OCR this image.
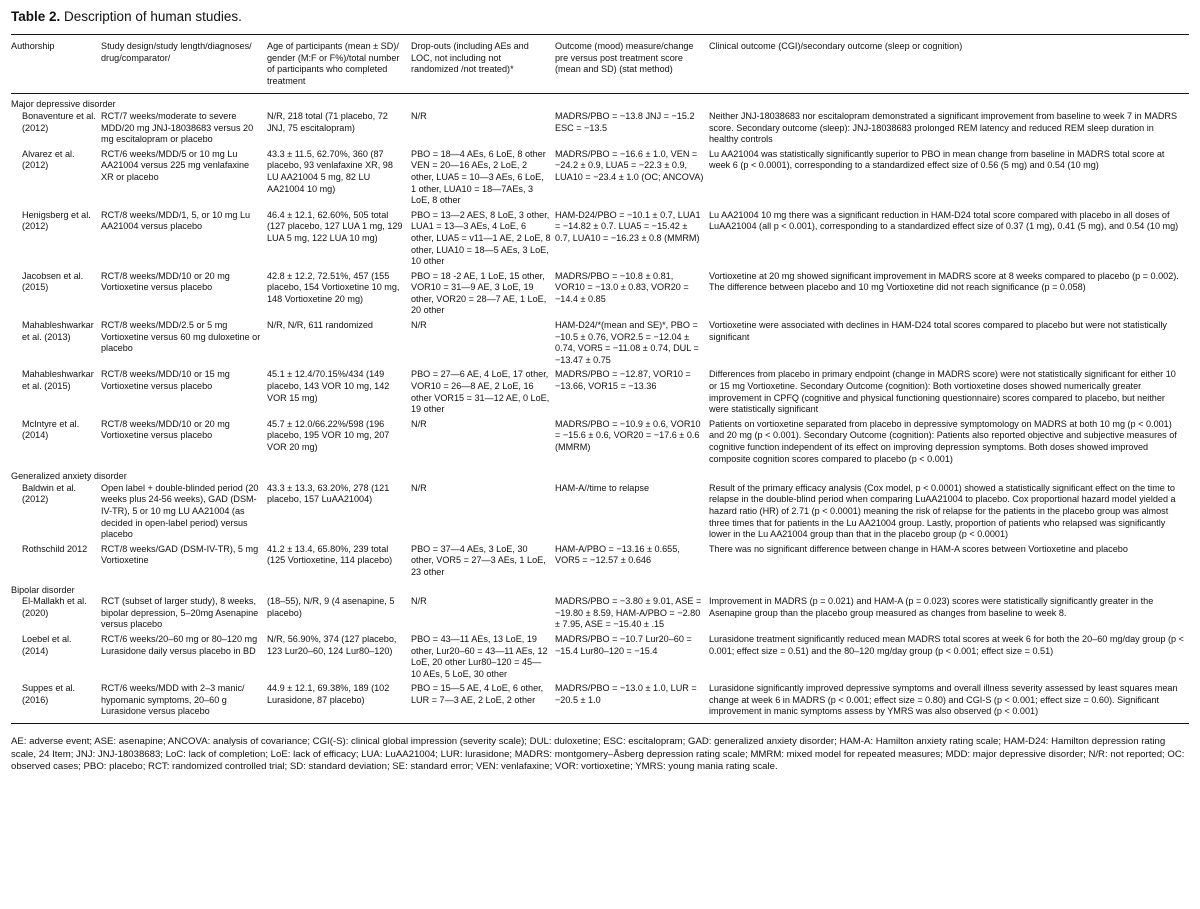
Table 2. Description of human studies.
Authorship	Study design/study length/diagnoses/ drug/comparator/	Age of participants (mean ± SD)/ gender (M:F or F%)/total number of participants who completed treatment	Drop-outs (including AEs and LOC, not including not randomized /not treated)*	Outcome (mood) measure/change pre versus post treatment score (mean and SD) (stat method)	Clinical outcome (CGI)/secondary outcome (sleep or cognition)

Major depressive disorder					
Bonaventure et al. (2012)	RCT/7 weeks/moderate to severe MDD/20 mg JNJ-18038683 versus 20 mg escitalopram or placebo	N/R, 218 total (71 placebo, 72 JNJ, 75 escitalopram)	N/R	MADRS/PBO = −13.8 JNJ = −15.2 ESC = −13.5	Neither JNJ-18038683 nor escitalopram demonstrated a significant improvement from baseline to week 7 in MADRS score. Secondary outcome (sleep): JNJ-18038683 prolonged REM latency and reduced REM sleep duration in healthy controls
Alvarez et al. (2012)	RCT/6 weeks/MDD/5 or 10 mg Lu AA21004 versus 225 mg venlafaxine XR or placebo	43.3 ± 11.5, 62.70%, 360 (87 placebo, 93 venlafaxine XR, 98 LU AA21004 5 mg, 82 LU AA21004 10 mg)	PBO = 18—4 AEs, 6 LoE, 8 other VEN = 20—16 AEs, 2 LoE, 2 other, LUA5 = 10—3 AEs, 6 LoE, 1 other, LUA10 = 18—7AEs, 3 LoE, 8 other	MADRS/PBO = −16.6 ± 1.0, VEN = −24.2 ± 0.9, LUA5 = −22.3 ± 0.9, LUA10 = −23.4 ± 1.0 (OC; ANCOVA)	Lu AA21004 was statistically significantly superior to PBO in mean change from baseline in MADRS total score at week 6 (p < 0.0001), corresponding to a standardized effect size of 0.56 (5 mg) and 0.54 (10 mg)
Henigsberg et al. (2012)	RCT/8 weeks/MDD/1, 5, or 10 mg Lu AA21004 versus placebo	46.4 ± 12.1, 62.60%, 505 total (127 placebo, 127 LUA 1 mg, 129 LUA 5 mg, 122 LUA 10 mg)	PBO = 13—2 AES, 8 LoE, 3 other, LUA1 = 13—3 AEs, 4 LoE, 6 other, LUA5 = v11—1 AE, 2 LoE, 8 other, LUA10 = 18—5 AEs, 3 LoE, 10 other	HAM-D24/PBO = −10.1 ± 0.7, LUA1 = −14.82 ± 0.7. LUA5 = −15.42 ± 0.7, LUA10 = −16.23 ± 0.8 (MMRM)	Lu AA21004 10 mg there was a significant reduction in HAM-D24 total score compared with placebo in all doses of LuAA21004 (all p < 0.001), corresponding to a standardized effect size of 0.37 (1 mg), 0.41 (5 mg), and 0.54 (10 mg)
Jacobsen et al. (2015)	RCT/8 weeks/MDD/10 or 20 mg Vortioxetine versus placebo	42.8 ± 12.2, 72.51%, 457 (155 placebo, 154 Vortioxetine 10 mg, 148 Vortioxetine 20 mg)	PBO = 18 -2 AE, 1 LoE, 15 other, VOR10 = 31—9 AE, 3 LoE, 19 other, VOR20 = 28—7 AE, 1 LoE, 20 other	MADRS/PBO = −10.8 ± 0.81, VOR10 = −13.0 ± 0.83, VOR20 = −14.4 ± 0.85	Vortioxetine at 20 mg showed significant improvement in MADRS score at 8 weeks compared to placebo (p = 0.002). The difference between placebo and 10 mg Vortioxetine did not reach significance (p = 0.058)
Mahableshwarkar et al. (2013)	RCT/8 weeks/MDD/2.5 or 5 mg Vortioxetine versus 60 mg duloxetine or placebo	N/R, N/R, 611 randomized	N/R	HAM-D24/*(mean and SE)*, PBO = −10.5 ± 0.76, VOR2.5 = −12.04 ± 0.74, VOR5 = −11.08 ± 0.74, DUL = −13.47 ± 0.75	Vortioxetine were associated with declines in HAM-D24 total scores compared to placebo but were not statistically significant
Mahableshwarkar et al. (2015)	RCT/8 weeks/MDD/10 or 15 mg Vortioxetine versus placebo	45.1 ± 12.4/70.15%/434 (149 placebo, 143 VOR 10 mg, 142 VOR 15 mg)	PBO = 27—6 AE, 4 LoE, 17 other, VOR10 = 26—8 AE, 2 LoE, 16 other VOR15 = 31—12 AE, 0 LoE, 19 other	MADRS/PBO = −12.87, VOR10 = −13.66, VOR15 = −13.36	Differences from placebo in primary endpoint (change in MADRS score) were not statistically significant for either 10 or 15 mg Vortioxetine. Secondary Outcome (cognition): Both vortioxetine doses showed numerically greater improvement in CPFQ (cognitive and physical functioning questionnaire) scores compared to placebo, but neither were statistically significant
McIntyre et al. (2014)	RCT/8 weeks/MDD/10 or 20 mg Vortioxetine versus placebo	45.7 ± 12.0/66.22%/598 (196 placebo, 195 VOR 10 mg, 207 VOR 20 mg)	N/R	MADRS/PBO = −10.9 ± 0.6, VOR10 = −15.6 ± 0.6, VOR20 = −17.6 ± 0.6 (MMRM)	Patients on vortioxetine separated from placebo in depressive symptomology on MADRS at both 10 mg (p < 0.001) and 20 mg (p < 0.001). Secondary Outcome (cognition): Patients also reported objective and subjective measures of cognitive function independent of its effect on improving depression symptoms. Both doses showed improved composite cognition scores compared to placebo (p < 0.001)
Generalized anxiety disorder					
Baldwin et al. (2012)	Open label + double-blinded period (20 weeks plus 24-56 weeks), GAD (DSM-IV-TR), 5 or 10 mg LU AA21004 (as decided in open-label period) versus placebo	43.3 ± 13.3, 63.20%, 278 (121 placebo, 157 LuAA21004)	N/R	HAM-A//time to relapse	Result of the primary efficacy analysis (Cox model, p < 0.0001) showed a statistically significant effect on the time to relapse in the double-blind period when comparing LuAA21004 to placebo. Cox proportional hazard model yielded a hazard ratio (HR) of 2.71 (p < 0.0001) meaning the risk of relapse for the patients in the placebo group was almost three times that for patients in the Lu AA21004 group. Lastly, proportion of patients who relapsed was significantly lower in the Lu AA21004 group than that in the placebo group (p < 0.0001)
Rothschild 2012	RCT/8 weeks/GAD (DSM-IV-TR), 5 mg Vortioxetine	41.2 ± 13.4, 65.80%, 239 total (125 Vortioxetine, 114 placebo)	PBO = 37—4 AEs, 3 LoE, 30 other, VOR5 = 27—3 AEs, 1 LoE, 23 other	HAM-A/PBO = −13.16 ± 0.655, VOR5 = −12.57 ± 0.646	There was no significant difference between change in HAM-A scores between Vortioxetine and placebo
Bipolar disorder					
El-Mallakh et al. (2020)	RCT (subset of larger study), 8 weeks, bipolar depression, 5–20mg Asenapine versus placebo	(18–55), N/R, 9 (4 asenapine, 5 placebo)	N/R	MADRS/PBO = −3.80 ± 9.01, ASE = −19.80 ± 8.59, HAM-A/PBO = −2.80 ± 7.95, ASE = −15.40 ± .15	Improvement in MADRS (p = 0.021) and HAM-A (p = 0.023) scores were statistically significantly greater in the Asenapine group than the placebo group measured as changes from baseline to week 8.
Loebel et al. (2014)	RCT/6 weeks/20–60 mg or 80–120 mg Lurasidone daily versus placebo in BD	N/R, 56.90%, 374 (127 placebo, 123 Lur20–60, 124 Lur80–120)	PBO = 43—11 AEs, 13 LoE, 19 other, Lur20–60 = 43—11 AEs, 12 LoE, 20 other Lur80–120 = 45—10 AEs, 5 LoE, 30 other	MADRS/PBO = −10.7 Lur20–60 = −15.4 Lur80–120 = −15.4	Lurasidone treatment significantly reduced mean MADRS total scores at week 6 for both the 20–60 mg/day group (p < 0.001; effect size = 0.51) and the 80–120 mg/day group (p < 0.001; effect size = 0.51)
Suppes et al. (2016)	RCT/6 weeks/MDD with 2–3 manic/ hypomanic symptoms, 20–60 g Lurasidone versus placebo	44.9 ± 12.1, 69.38%, 189 (102 Lurasidone, 87 placebo)	PBO = 15—5 AE, 4 LoE, 6 other, LUR = 7—3 AE, 2 LoE, 2 other	MADRS/PBO = −13.0 ± 1.0, LUR = −20.5 ± 1.0	Lurasidone significantly improved depressive symptoms and overall illness severity assessed by least squares mean change at week 6 in MADRS (p < 0.001; effect size = 0.80) and CGI-S (p < 0.001; effect size = 0.60). Significant improvement in manic symptoms assess by YMRS was also observed (p < 0.001)
AE: adverse event; ASE: asenapine; ANCOVA: analysis of covariance; CGI(-S): clinical global impression (severity scale); DUL: duloxetine; ESC: escitalopram; GAD: generalized anxiety disorder; HAM-A: Hamilton anxiety rating scale; HAM-D24: Hamilton depression rating scale, 24 Item; JNJ: JNJ-18038683; LoC: lack of completion; LoE: lack of efficacy; LUA: LuAA21004; LUR: lurasidone; MADRS: montgomery–Åsberg depression rating scale; MMRM: mixed model for repeated measures; MDD: major depressive disorder; N/R: not reported; OC: observed cases; PBO: placebo; RCT: randomized controlled trial; SD: standard deviation; SE: standard error; VEN: venlafaxine; VOR: vortioxetine; YMRS: young mania rating scale.
